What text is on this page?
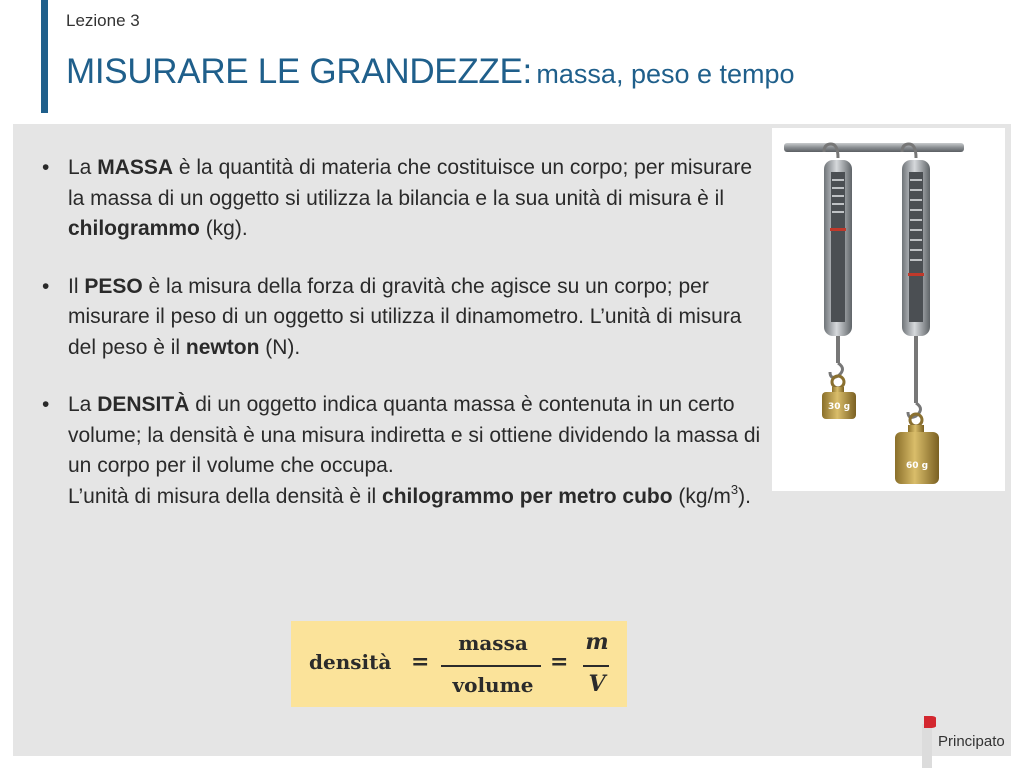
Lezione 3
MISURARE LE GRANDEZZE: massa, peso e tempo
• La MASSA è la quantità di materia che costituisce un corpo; per misurare la massa di un oggetto si utilizza la bilancia e la sua unità di misura è il chilogrammo (kg).
• Il PESO è la misura della forza di gravità che agisce su un corpo; per misurare il peso di un oggetto si utilizza il dinamometro. L’unità di misura del peso è il newton (N).
• La DENSITÀ di un oggetto indica quanta massa è contenuta in un certo volume; la densità è una misura indiretta e si ottiene dividendo la massa di un corpo per il volume che occupa.
L’unità di misura della densità è il chilogrammo per metro cubo $(kg/m^3)$.
30 g
60 g
densità =
massa
volume
=
m
V
Principato
